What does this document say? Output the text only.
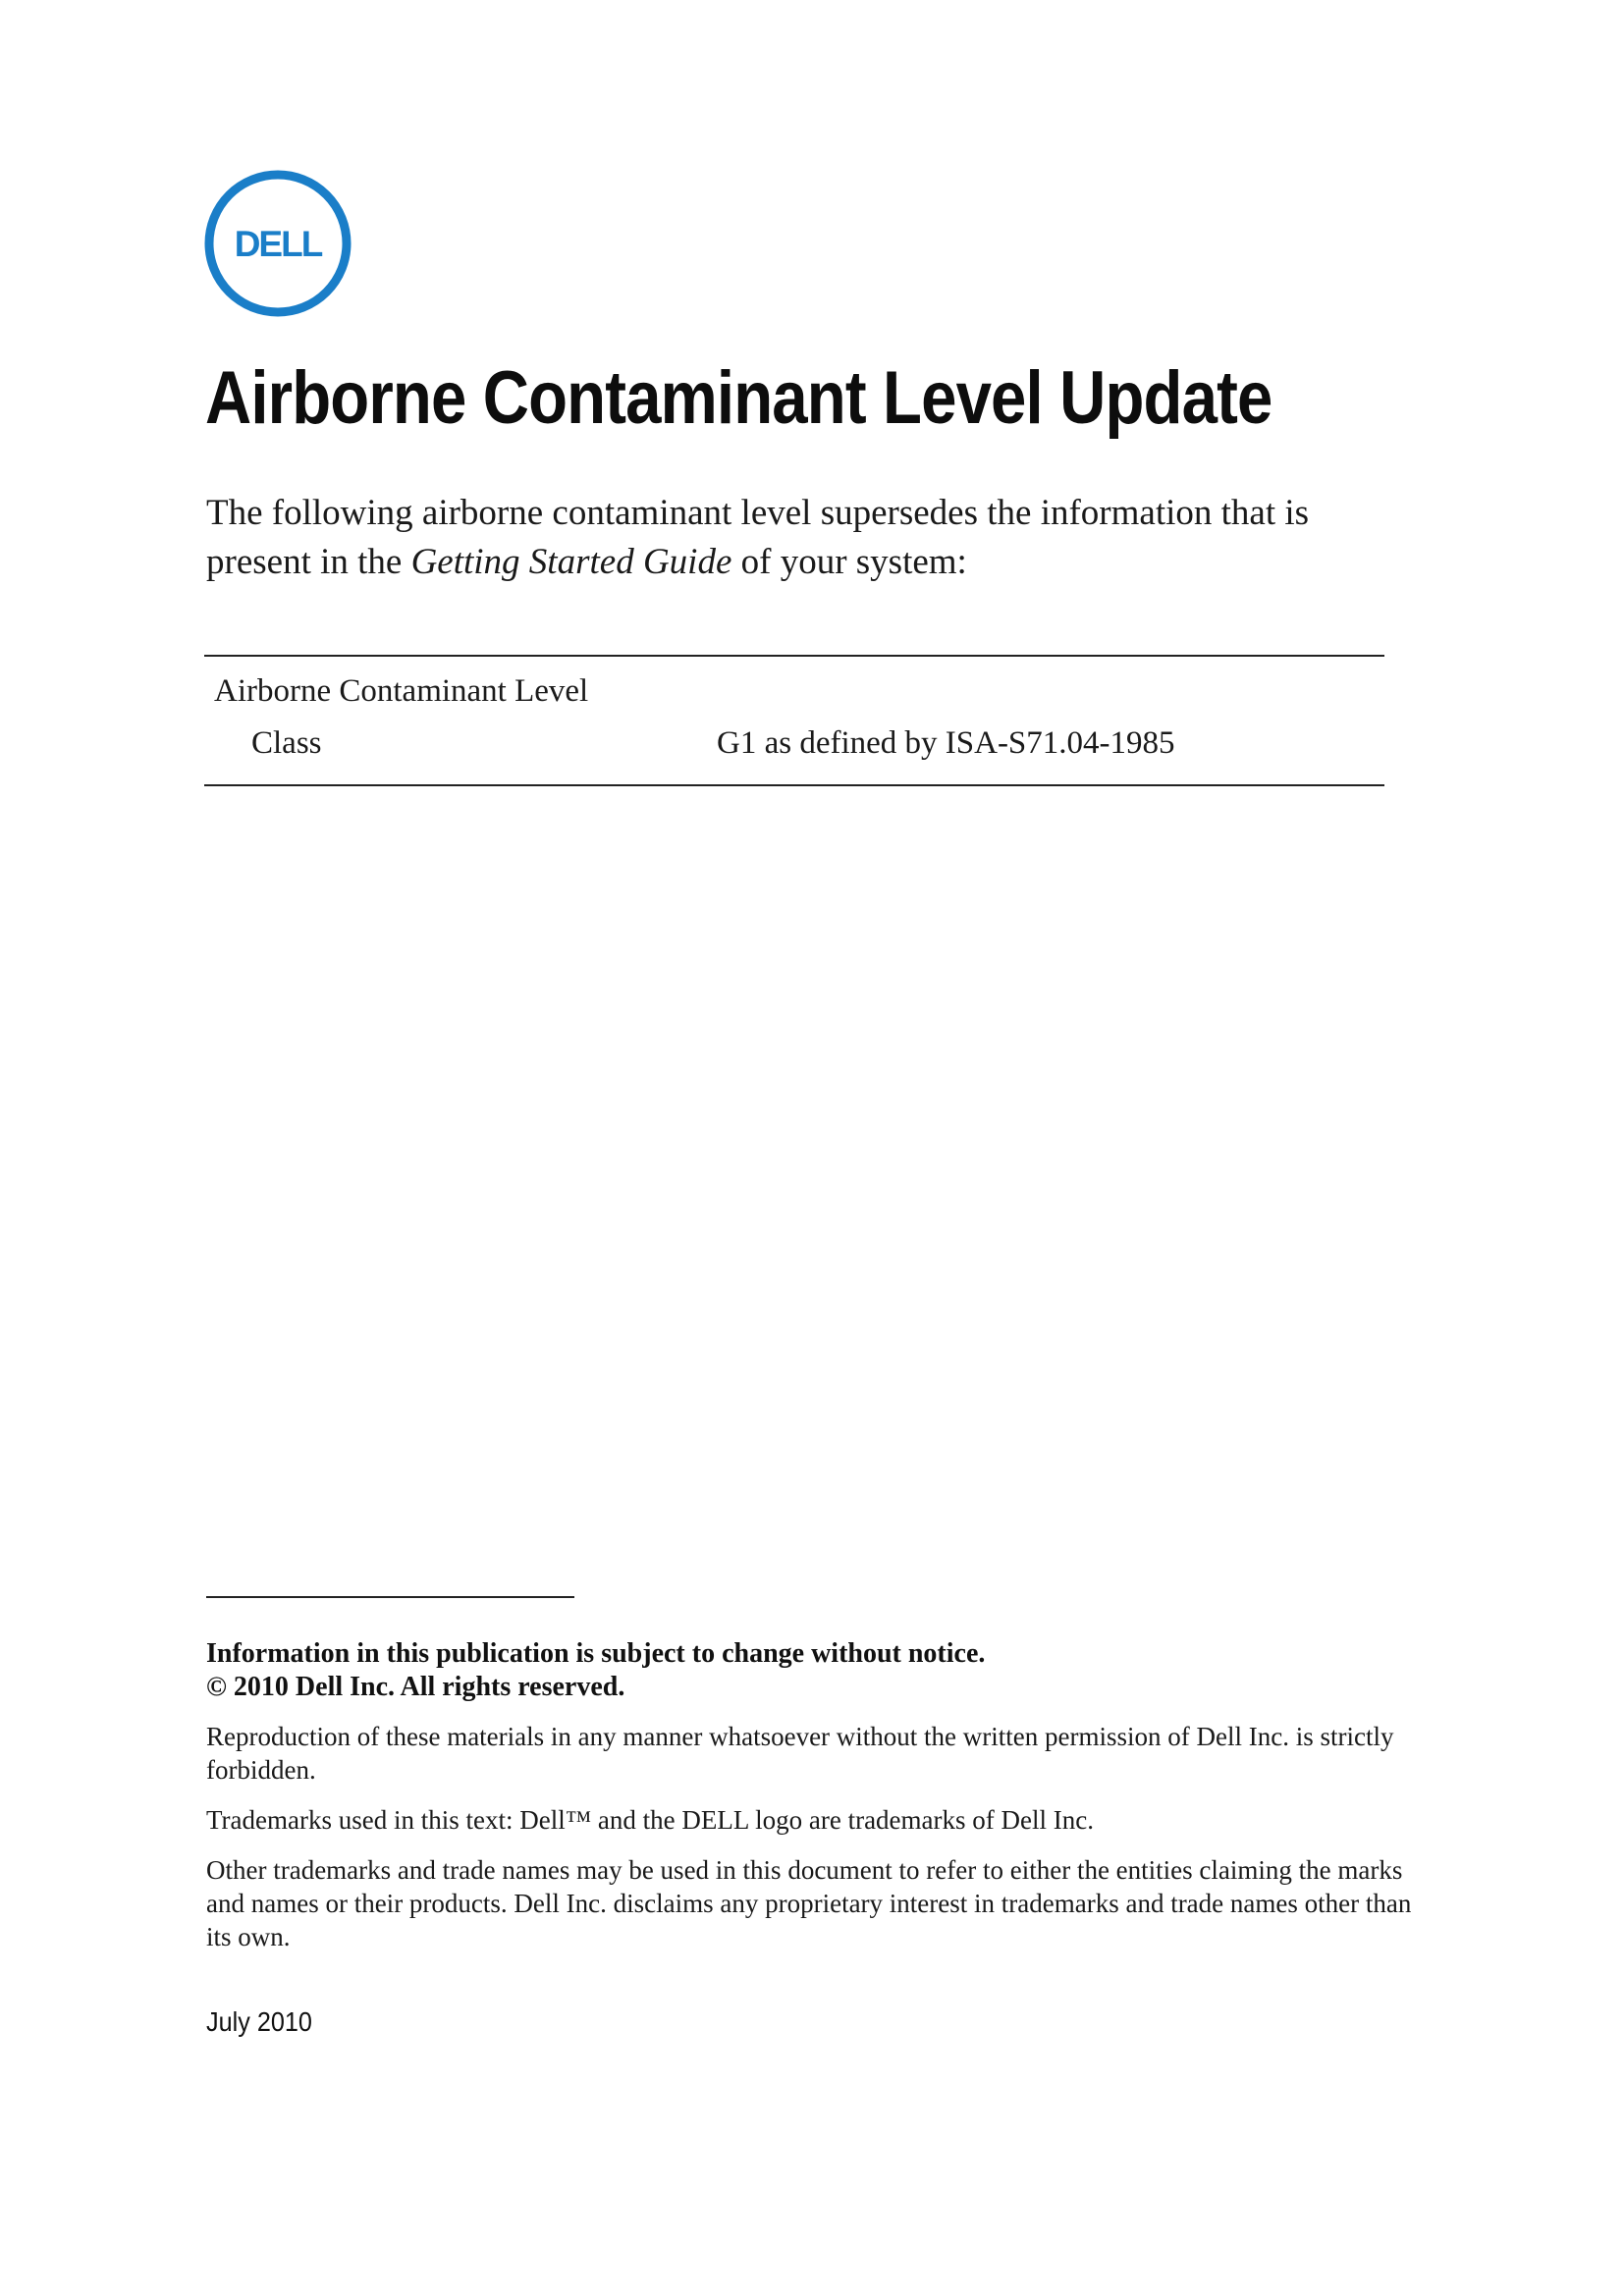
DELL
Airborne Contaminant Level Update

The following airborne contaminant level supersedes the information that is
present in the Getting Started Guide of your system:

Airborne Contaminant Level
Class	G1 as defined by ISA-S71.04-1985

Information in this publication is subject to change without notice.
© 2010 Dell Inc. All rights reserved.

Reproduction of these materials in any manner whatsoever without the written permission of Dell Inc. is strictly forbidden.

Trademarks used in this text: Dell™ and the DELL logo are trademarks of Dell Inc.

Other trademarks and trade names may be used in this document to refer to either the entities claiming the marks and names or their products. Dell Inc. disclaims any proprietary interest in trademarks and trade names other than its own.

July 2010
